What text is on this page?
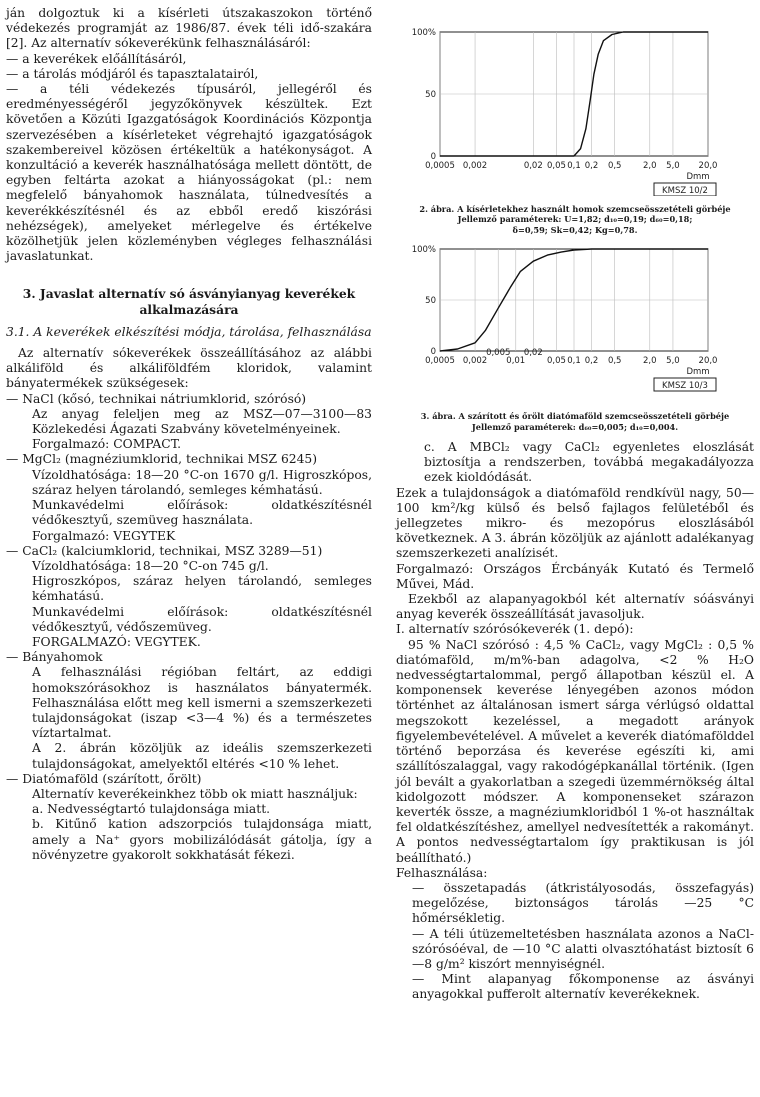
ján dolgoztuk ki a kísérleti útszakaszokon történő védekezés programját az 1986/87. évek téli idő-szakára [2]. Az alternatív sókeverékünk felhasználásáról:

— a keverékek előállításáról,

— a tárolás módjáról és tapasztalatairól,

— a téli védekezés típusáról, jellegéről és eredményességéről jegyzőkönyvek készültek. Ezt követően a Közúti Igazgatóságok Koordinációs Központja szervezésében a kísérleteket végrehajtó igazgatóságok szakembereivel közösen értékeltük a hatékonyságot. A konzultáció a keverék használhatósága mellett döntött, de egyben feltárta azokat a hiányosságokat (pl.: nem megfelelő bányahomok használata, túlnedvesítés a keverékkészítésnél és az ebből eredő kiszórási nehézségek), amelyeket mérlegelve és értékelve közölhetjük jelen közleményben végleges felhasználási javaslatunkat.

3. Javaslat alternatív só ásványianyag keverékek alkalmazására
3.1. A keverékek elkészítési módja, tárolása, felhasználása

Az alternatív sókeverékek összeállításához az alábbi alkáliföld és alkáliföldfém kloridok, valamint bányatermékek szükségesek:

— NaCl (kősó, technikai nátriumklorid, szórósó)

Az anyag feleljen meg az MSZ—07—3100—83 Közlekedési Ágazati Szabvány követelményeinek.

Forgalmazó: COMPACT.

— MgCl₂ (magnéziumklorid, technikai MSZ 6245)

Vízoldhatósága: 18—20 °C-on 1670 g/l. Higroszkópos, száraz helyen tárolandó, semleges kémhatású.

Munkavédelmi előírások: oldatkészítésnél védőkesztyű, szemüveg használata.

Forgalmazó: VEGYTEK

— CaCl₂ (kalciumklorid, technikai, MSZ 3289—51)

Vízoldhatósága: 18—20 °C-on 745 g/l.

Higroszkópos, száraz helyen tárolandó, semleges kémhatású.

Munkavédelmi előírások: oldatkészítésnél védőkesztyű, védőszemüveg.

FORGALMAZÓ: VEGYTEK.

— Bányahomok

A felhasználási régióban feltárt, az eddigi homokszórásokhoz is használatos bányatermék. Felhasználása előtt meg kell ismerni a szemszerkezeti tulajdonságokat (iszap <3—4 %) és a természetes víztartalmat.

A 2. ábrán közöljük az ideális szemszerkezeti tulajdonságokat, amelyektől eltérés <10 % lehet.

— Diatómaföld (szárított, őrölt)

Alternatív keverékeinkhez több ok miatt használjuk:

a. Nedvességtartó tulajdonsága miatt.

b. Kitűnő kation adszorpciós tulajdonsága miatt, amely a Na⁺ gyors mobilizálódását gátolja, így a növényzetre gyakorolt sokkhatását fékezi.

0
50
100%
0,0005 0,002	0,02 0,05 0,1 0,2 0,5	2,0 5,0 20,0
Dmm
KMSZ 10/2
2. ábra. A kísérletekhez használt homok szemcseösszetételi görbéje
Jellemző paraméterek: U=1,82; d₁₀=0,19; d₆₀=0,18;
δ=0,59; Sk=0,42; Kg=0,78.
0
50
100%
0,0005 0,002
0,005 0,02
0,01	0,05 0,1 0,2 0,5	2,0 5,0 20,0
Dmm
KMSZ 10/3
3. ábra. A szárított és őrölt diatómaföld szemcseösszetételi görbéje
Jellemző paraméterek: d₆₀=0,005; d₁₀=0,004.

c. A MBCl₂ vagy CaCl₂ egyenletes eloszlását biztosítja a rendszerben, továbbá megakadályozza ezek kioldódását.

Ezek a tulajdonságok a diatómaföld rendkívül nagy, 50—100 km²/kg külső és belső fajlagos felületéből és jellegzetes mikro- és mezopórus eloszlásából következnek. A 3. ábrán közöljük az ajánlott adalékanyag szemszerkezeti analízisét.

Forgalmazó: Országos Ércbányák Kutató és Termelő Művei, Mád.

Ezekből az alapanyagokból két alternatív sóásványi anyag keverék összeállítását javasoljuk.

I. alternatív szórósókeverék (1. depó):

95 % NaCl szórósó : 4,5 % CaCl₂, vagy MgCl₂ : 0,5 % diatómaföld, m/m%-ban adagolva, <2 % H₂O nedvességtartalommal, pergő állapotban készül el. A komponensek keverése lényegében azonos módon történhet az általánosan ismert sárga vérlúgsó oldattal megszokott kezeléssel, a megadott arányok figyelembevételével. A művelet a keverék diatómafölddel történő beporzása és keverése egészíti ki, ami szállítószalaggal, vagy rakodógépkanállal történik. (Igen jól bevált a gyakorlatban a szegedi üzemmérnökség által kidolgozott módszer. A komponenseket szárazon keverték össze, a magnéziumkloridból 1 %-ot használtak fel oldatkészítéshez, amellyel nedvesítették a rakományt. A pontos nedvességtartalom így praktikusan is jól beállítható.)

Felhasználása:

— összetapadás (átkristályosodás, összefagyás) megelőzése, biztonságos tárolás —25 °C hőmérsékletig.

— A téli útüzemeltetésben használata azonos a NaCl-szórósóéval, de —10 °C alatti olvasztóhatást biztosít 6—8 g/m² kiszórt mennyiségnél.

— Mint alapanyag főkomponense az ásványi anyagokkal pufferolt alternatív keverékeknek.
